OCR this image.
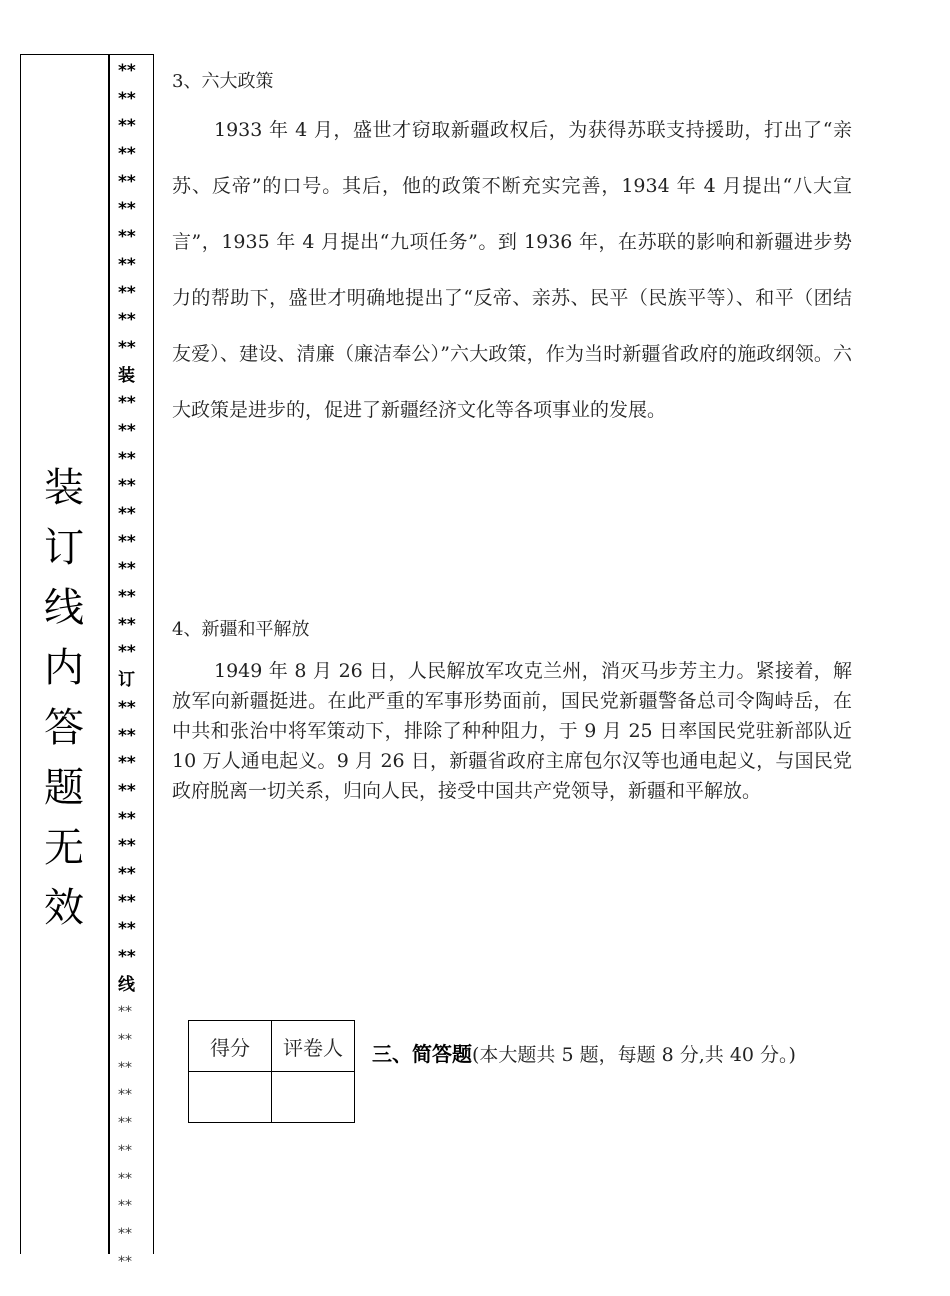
装
订
线
内
答
题
无
效
**
**
**
**
**
**
**
**
**
**
**
装
**
**
**
**
**
**
**
**
**
**
订
**
**
**
**
**
**
**
**
**
**
线
**
**
**
**
**
**
**
**
**
**

3、六大政策

1933 年 4 月，盛世才窃取新疆政权后，为获得苏联支持援助，打出了“亲苏、反帝”的口号。其后，他的政策不断充实完善，1934 年 4 月提出“八大宣言”，1935 年 4 月提出“九项任务”。到 1936 年，在苏联的影响和新疆进步势力的帮助下，盛世才明确地提出了“反帝、亲苏、民平（民族平等）、和平（团结友爱）、建设、清廉（廉洁奉公）”六大政策，作为当时新疆省政府的施政纲领。六大政策是进步的，促进了新疆经济文化等各项事业的发展。

4、新疆和平解放

1949 年 8 月 26 日，人民解放军攻克兰州，消灭马步芳主力。紧接着，解放军向新疆挺进。在此严重的军事形势面前，国民党新疆警备总司令陶峙岳，在中共和张治中将军策动下，排除了种种阻力，于 9 月 25 日率国民党驻新部队近 10 万人通电起义。9 月 26 日，新疆省政府主席包尔汉等也通电起义，与国民党政府脱离一切关系，归向人民，接受中国共产党领导，新疆和平解放。

得分	评卷人
	三、简答题(本大题共 5 题，每题 8 分,共 40 分。)
